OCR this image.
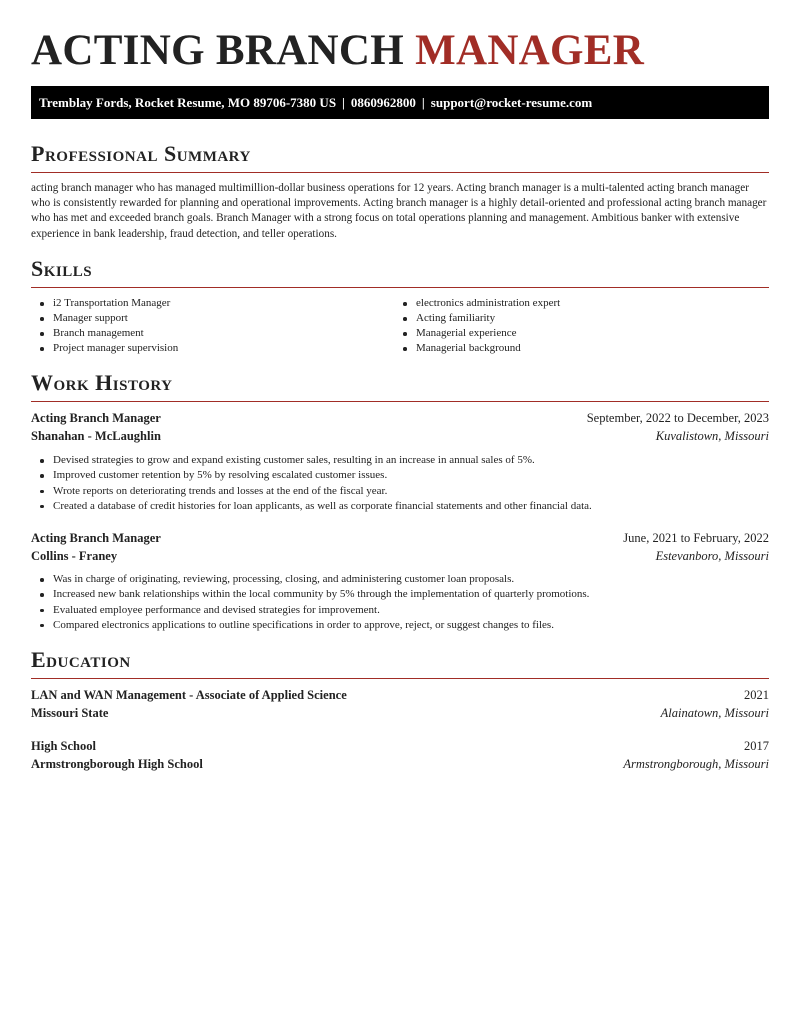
ACTING BRANCH MANAGER
Tremblay Fords, Rocket Resume, MO 89706-7380 US | 0860962800 | support@rocket-resume.com
Professional Summary

acting branch manager who has managed multimillion-dollar business operations for 12 years. Acting branch manager is a multi-talented acting branch manager who is consistently rewarded for planning and operational improvements. Acting branch manager is a highly detail-oriented and professional acting branch manager who has met and exceeded branch goals. Branch Manager with a strong focus on total operations planning and management. Ambitious banker with extensive experience in bank leadership, fraud detection, and teller operations.

Skills
i2 Transportation Manager
Manager support
Branch management
Project manager supervision
electronics administration expert
Acting familiarity
Managerial experience
Managerial background
Work History
Acting Branch Manager	September, 2022 to December, 2023
Shanahan - McLaughlin	Kuvalistown, Missouri
Devised strategies to grow and expand existing customer sales, resulting in an increase in annual sales of 5%.
Improved customer retention by 5% by resolving escalated customer issues.
Wrote reports on deteriorating trends and losses at the end of the fiscal year.
Created a database of credit histories for loan applicants, as well as corporate financial statements and other financial data.
Acting Branch Manager	June, 2021 to February, 2022
Collins - Franey	Estevanboro, Missouri
Was in charge of originating, reviewing, processing, closing, and administering customer loan proposals.
Increased new bank relationships within the local community by 5% through the implementation of quarterly promotions.
Evaluated employee performance and devised strategies for improvement.
Compared electronics applications to outline specifications in order to approve, reject, or suggest changes to files.
Education
LAN and WAN Management - Associate of Applied Science	2021
Missouri State	Alainatown, Missouri
High School	2017
Armstrongborough High School	Armstrongborough, Missouri
